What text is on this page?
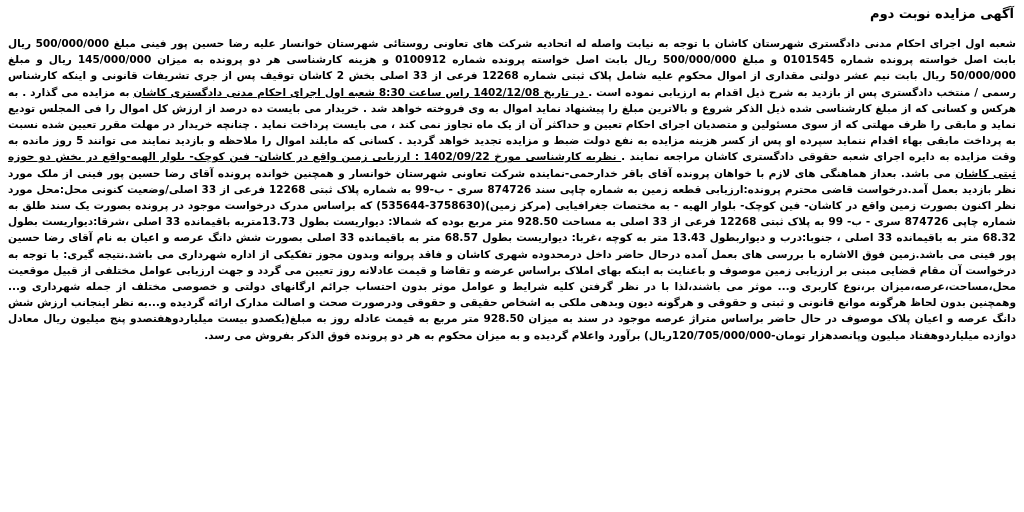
آگهی مزایده نوبت دوم

شعبه اول اجرای احکام مدنی دادگستری شهرستان کاشان با توجه به نیابت واصله له اتحادیه شرکت های تعاونی روستائی شهرستان خوانسار علیه رضا حسین پور فینی مبلغ 500/000/000 ریال بابت اصل خواسته پرونده شماره 0101545 و مبلغ 500/000/000 ریال بابت اصل خواسته پرونده شماره 0100912 و هزینه کارشناسی هر دو پرونده به میزان 145/000/000 ریال و مبلغ 50/000/000 ریال بابت نیم عشر دولتی مقداری از اموال محکوم علیه شامل پلاک ثبتی شماره 12268 فرعی از 33 اصلی بخش 2 کاشان توقیف پس از جری تشریفات قانونی و اینکه کارشناس رسمی / منتخب دادگستری پس از بازدید به شرح ذیل اقدام به ارزیابی نموده است . در تاریخ 1402/12/08 راس ساعت 8:30 شعبه اول اجرای احکام مدنی دادگستری کاشان به مزایده می گذارد . به هرکس و کسانی که از مبلغ کارشناسی شده ذیل الذکر شروع و بالاترین مبلغ را پیشنهاد نماید اموال به وی فروخته خواهد شد . خریدار می بایست ده درصد از ارزش کل اموال را فی المجلس تودیع نماید و مابقی را ظرف مهلتی که از سوی مسئولین و متصدیان اجرای احکام تعیین و حداکثر آن از یک ماه تجاوز نمی کند ، می بایست پرداخت نماید . چنانچه خریدار در مهلت مقرر تعیین شده نسبت به پرداخت مابقی بهاء اقدام ننماید سپرده او پس از کسر هزینه مزایده به نفع دولت ضبط و مزایده تجدید خواهد گردید . کسانی که مایلند اموال را ملاحظه و بازدید نمایند می توانند 5 روز مانده به وقت مزایده به دایره اجرای شعبه حقوقی دادگستری کاشان مراجعه نمایند . نظریه کارشناسی مورخ 1402/09/22 : ارزیابی زمین واقع در کاشان- فین کوچک- بلوار الهیه-واقع در بخش دو حوزه ثبتی کاشان می باشد. بعداز هماهنگی های لازم با خواهان پرونده آقای باقر خدارحمی-نماینده شرکت تعاونی شهرستان خوانسار و همچنین خوانده پرونده آقای رضا حسین پور فینی از ملک مورد نظر بازدید بعمل آمد.درخواست قاضی محترم پرونده:ارزیابی قطعه زمین به شماره چاپی سند 874726 سری - ب-99 به شماره پلاک ثبتی 12268 فرعی از 33 اصلی/وضعیت کنونی محل:محل مورد نظر اکنون بصورت زمین واقع در کاشان- فین کوچک- بلوار الهیه - به مختصات جغرافیایی (مرکز زمین)(3758630-535644) که براساس مدرک درخواست موجود در پرونده بصورت یک سند طلق به شماره چاپی 874726 سری - ب- 99 به پلاک ثبتی 12268 فرعی از 33 اصلی به مساحت 928.50 متر مربع بوده که شمالا: دیواریست بطول 13.73متربه باقیمانده 33 اصلی ،شرقا:دیواریست بطول 68.32 متر به باقیمانده 33 اصلی ، جنوبا:درب و دیواربطول 13.43 متر به کوچه ،غربا: دیواریست بطول 68.57 متر به باقیمانده 33 اصلی بصورت شش دانگ عرصه و اعیان به نام آقای رضا حسین پور فینی می باشد.زمین فوق الاشاره با بررسی های بعمل آمده درحال حاضر داخل درمحدوده شهری کاشان و فاقد پروانه وبدون مجوز تفکیکی از اداره شهرداری می باشد.نتیجه گیری: با توجه به درخواست آن مقام قضایی مبنی بر ارزیابی زمین موصوف و باعنایت به اینکه بهای املاک براساس عرضه و تقاضا و قیمت عادلانه روز تعیین می گردد و جهت ارزیابی عوامل مختلفی از قبیل موقعیت محل،مساحت،عرصه،میزان بر،نوع کاربری و... موثر می باشند،لذا با در نظر گرفتن کلیه شرایط و عوامل موثر بدون احتساب جرائم ارگانهای دولتی و خصوصی مختلف از جمله شهرداری و... وهمچنین بدون لحاظ هرگونه موانع قانونی و ثبتی و حقوقی و هرگونه دیون وبدهی ملکی به اشخاص حقیقی و حقوقی ودرصورت صحت و اصالت مدارک ارائه گردیده و...به نظر اینجانب ارزش شش دانگ عرصه و اعیان پلاک موصوف در حال حاضر براساس متراژ عرصه موجود در سند به میزان 928.50 متر مربع به قیمت عادله روز به مبلغ(یکصدو بیست میلیاردوهفتصدو پنج میلیون ریال معادل دوازده میلیاردوهفتاد میلیون وپانصدهزار تومان-120/705/000/000ریال) برآورد واعلام گردیده و به میزان محکوم به هر دو پرونده فوق الذکر بفروش می رسد.
